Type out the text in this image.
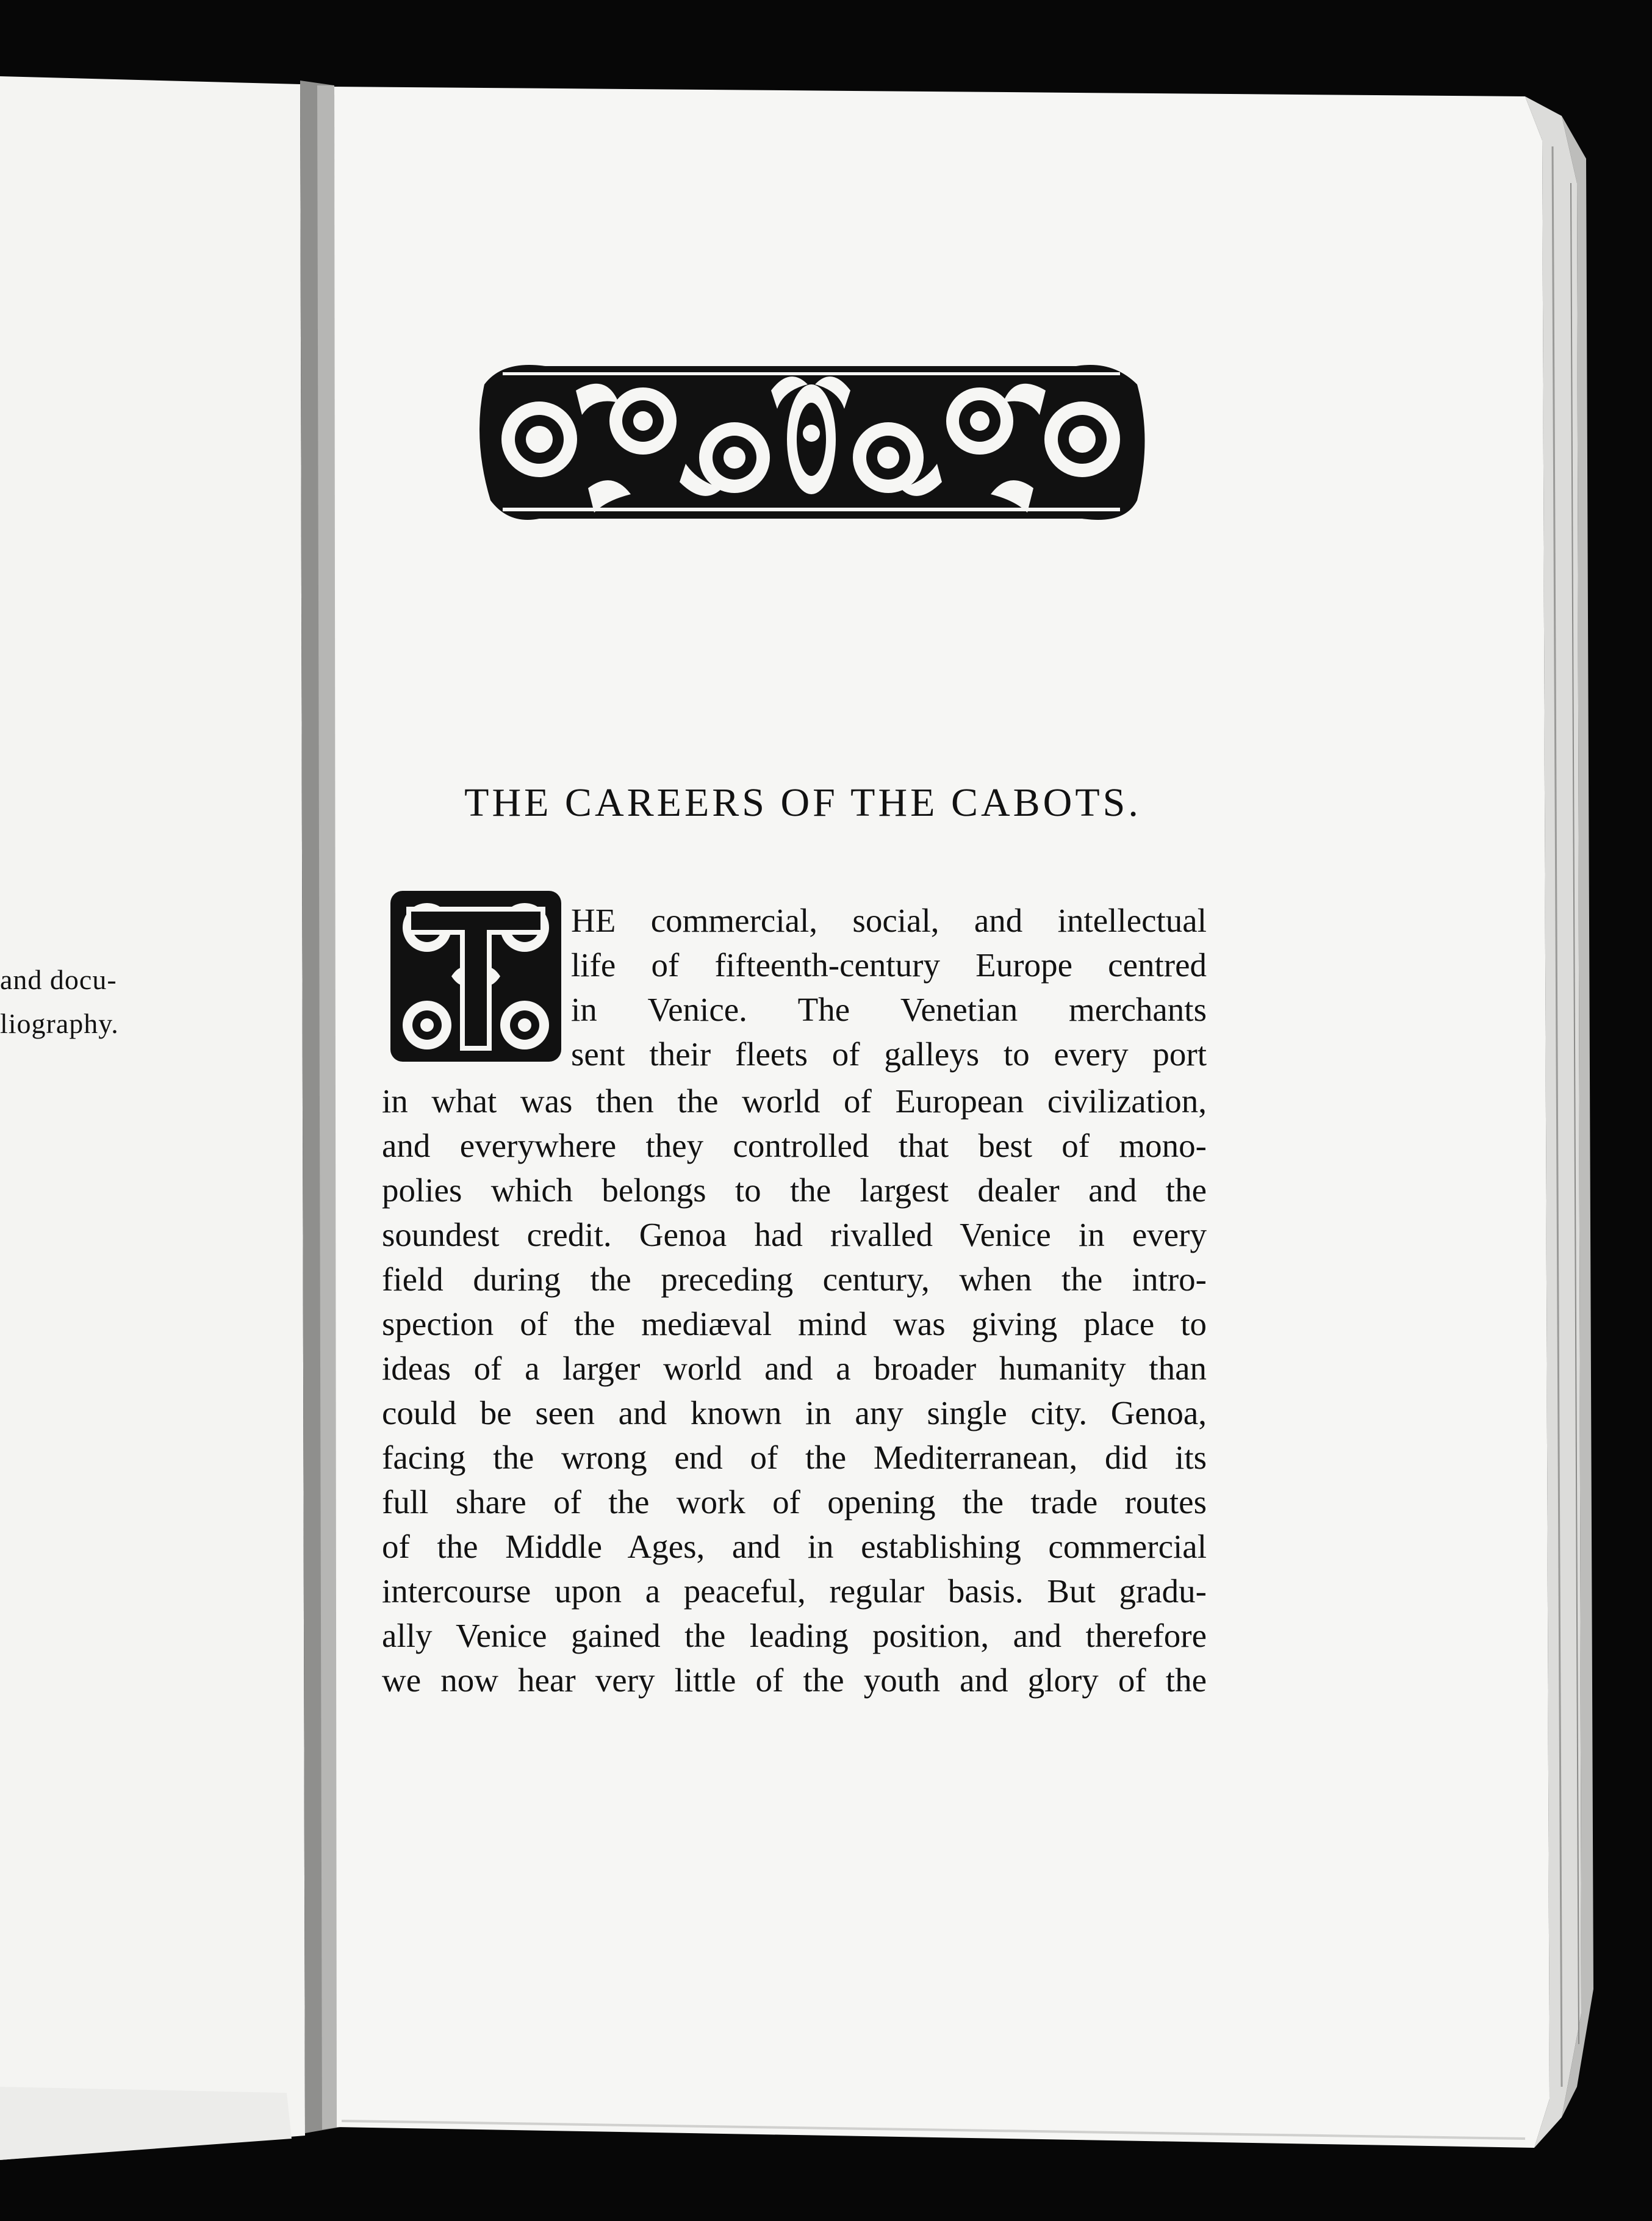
and docu-
liography.
THE CAREERS OF THE CABOTS.
HE commercial, social, and intellectual
life of fifteenth-century Europe centred
in Venice. The Venetian merchants
sent their fleets of galleys to every port
in what was then the world of European civilization,
and everywhere they controlled that best of mono-
polies which belongs to the largest dealer and the
soundest credit. Genoa had rivalled Venice in every
field during the preceding century, when the intro-
spection of the mediæval mind was giving place to
ideas of a larger world and a broader humanity than
could be seen and known in any single city. Genoa,
facing the wrong end of the Mediterranean, did its
full share of the work of opening the trade routes
of the Middle Ages, and in establishing commercial
intercourse upon a peaceful, regular basis. But gradu-
ally Venice gained the leading position, and therefore
we now hear very little of the youth and glory of the
